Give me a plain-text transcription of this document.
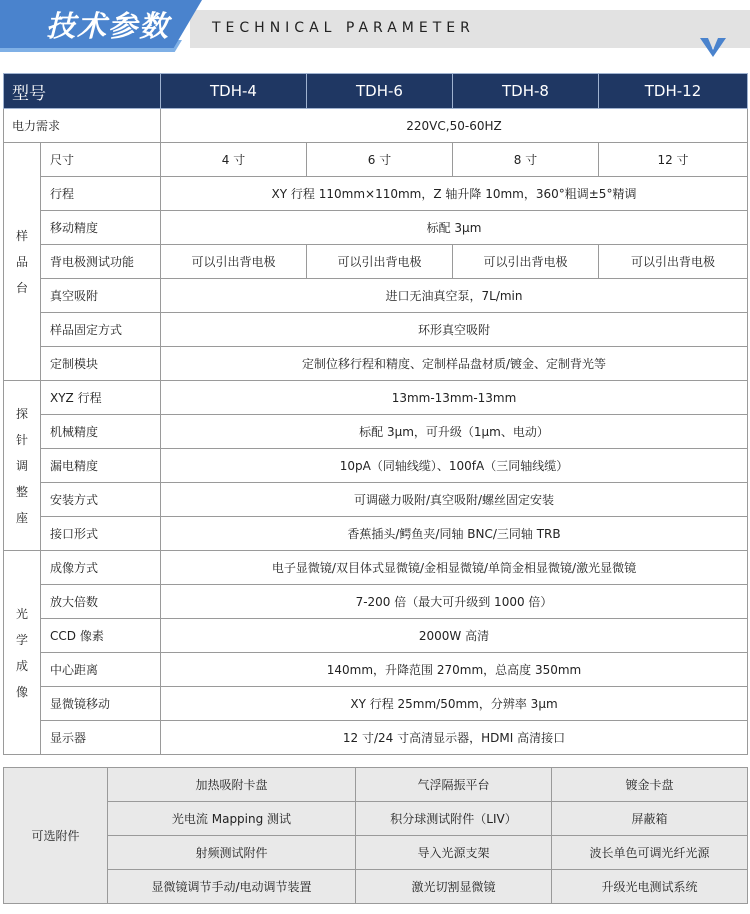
技术参数	TECHNICAL PARAMETER
型号		TDH-4	TDH-6	TDH-8	TDH-12
电力需求		220VC,50-60HZ			

样
品
台	尺寸	4 寸	6 寸	8 寸	12 寸
	行程	XY 行程 110mm×110mm，Z 轴升降 10mm，360°粗调±5°精调			
	移动精度	标配 3μm			
	背电极测试功能	可以引出背电极	可以引出背电极	可以引出背电极	可以引出背电极
	真空吸附	进口无油真空泵，7L/min			
	样品固定方式	环形真空吸附			
	定制模块	定制位移行程和精度、定制样品盘材质/镀金、定制背光等			

探
针
调
整
座	XYZ 行程	13mm-13mm-13mm			
	机械精度	标配 3μm，可升级（1μm、电动）			
	漏电精度	10pA（同轴线缆）、100fA（三同轴线缆）			
	安装方式	可调磁力吸附/真空吸附/螺丝固定安装			
	接口形式	香蕉插头/鳄鱼夹/同轴 BNC/三同轴 TRB			

光
学
成
像	成像方式	电子显微镜/双目体式显微镜/金相显微镜/单筒金相显微镜/激光显微镜			
	放大倍数	7-200 倍（最大可升级到 1000 倍）			
	CCD 像素	2000W 高清			
	中心距离	140mm，升降范围 270mm，总高度 350mm			
	显微镜移动	XY 行程 25mm/50mm，分辨率 3μm			
	显示器	12 寸/24 寸高清显示器，HDMI 高清接口			
可选附件	加热吸附卡盘	气浮隔振平台	镀金卡盘
	光电流 Mapping 测试	积分球测试附件（LIV）	屏蔽箱
	射频测试附件	导入光源支架	波长单色可调光纤光源
	显微镜调节手动/电动调节装置	激光切割显微镜	升级光电测试系统
